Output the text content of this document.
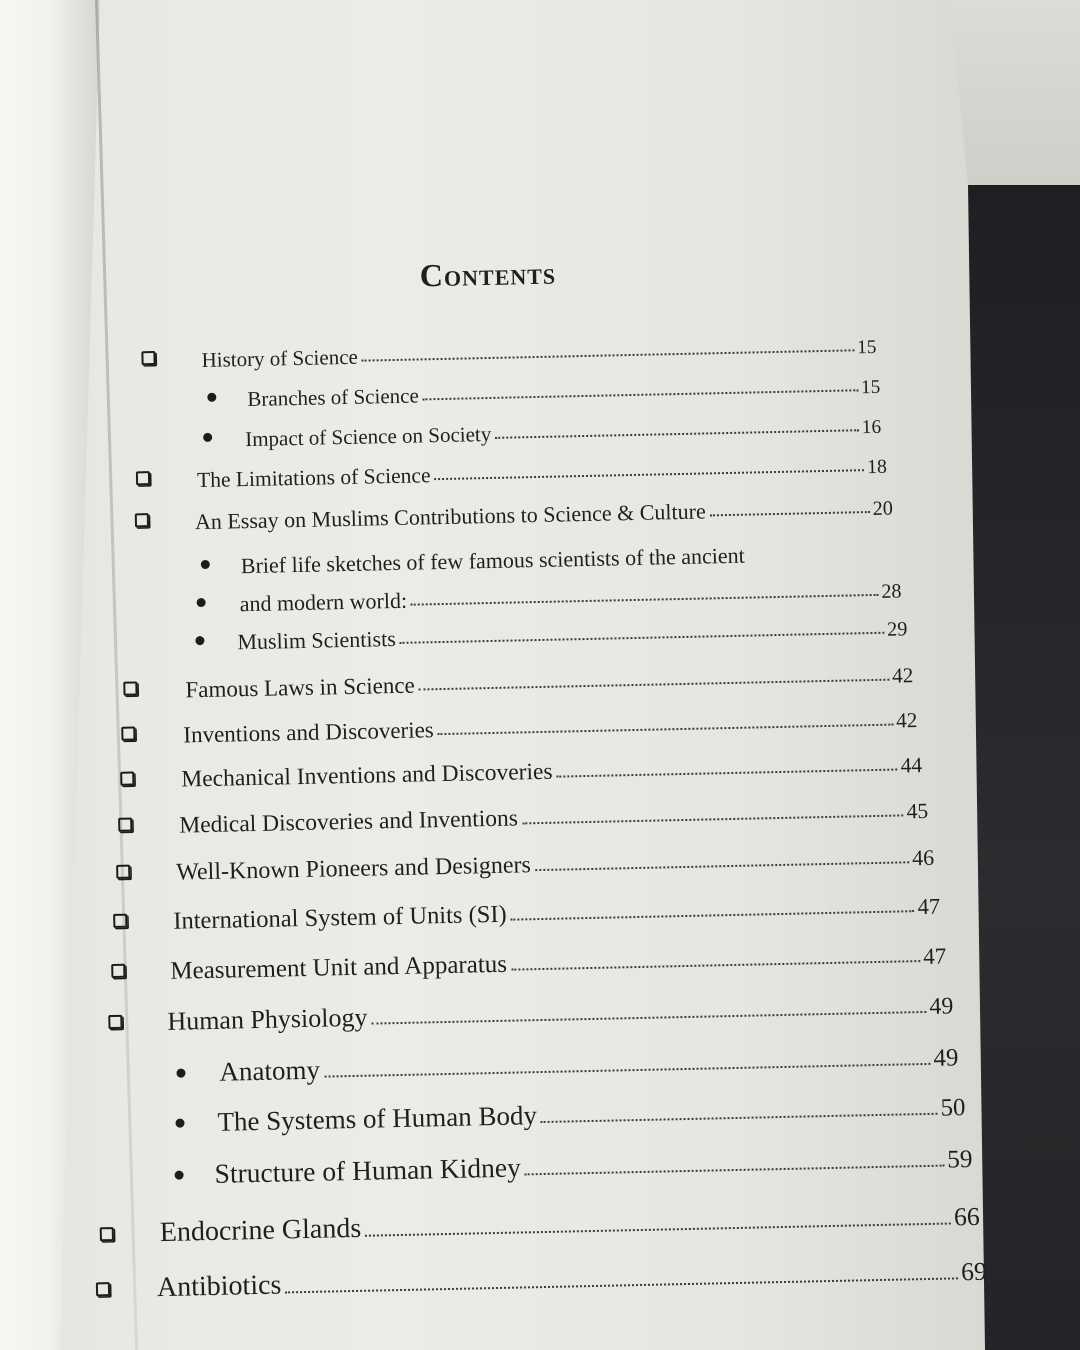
Contents
History of Science	15
Branches of Science	15
Impact of Science on Society	16
The Limitations of Science	18
An Essay on Muslims Contributions to Science & Culture	20
Brief life sketches of few famous scientists of the ancient
and modern world:	28
Muslim Scientists	29
Famous Laws in Science	42
Inventions and Discoveries	42
Mechanical Inventions and Discoveries	44
Medical Discoveries and Inventions	45
Well-Known Pioneers and Designers	46
International System of Units (SI)	47
Measurement Unit and Apparatus	47
Human Physiology	49
Anatomy	49
The Systems of Human Body	50
Structure of Human Kidney	59
Endocrine Glands	66
Antibiotics	69
